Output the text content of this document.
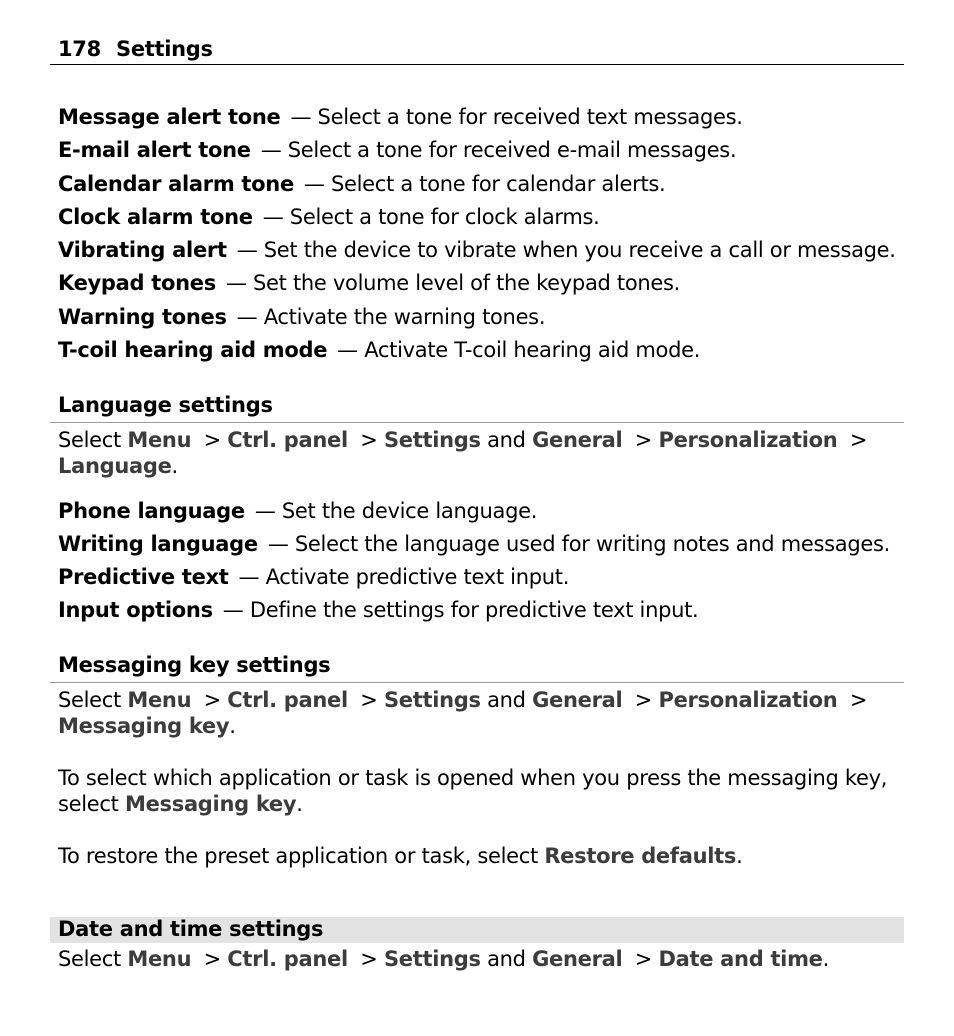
178 Settings
Message alert tone — Select a tone for received text messages.
E-mail alert tone — Select a tone for received e-mail messages.
Calendar alarm tone — Select a tone for calendar alerts.
Clock alarm tone — Select a tone for clock alarms.
Vibrating alert — Set the device to vibrate when you receive a call or message.
Keypad tones — Set the volume level of the keypad tones.
Warning tones — Activate the warning tones.
T-coil hearing aid mode — Activate T-coil hearing aid mode.
Language settings
Select Menu > Ctrl. panel > Settings and General > Personalization >
Language.
Phone language — Set the device language.
Writing language — Select the language used for writing notes and messages.
Predictive text — Activate predictive text input.
Input options — Define the settings for predictive text input.
Messaging key settings
Select Menu > Ctrl. panel > Settings and General > Personalization >
Messaging key.
To select which application or task is opened when you press the messaging key,
select Messaging key.
To restore the preset application or task, select Restore defaults.
Date and time settings
Select Menu > Ctrl. panel > Settings and General > Date and time.
